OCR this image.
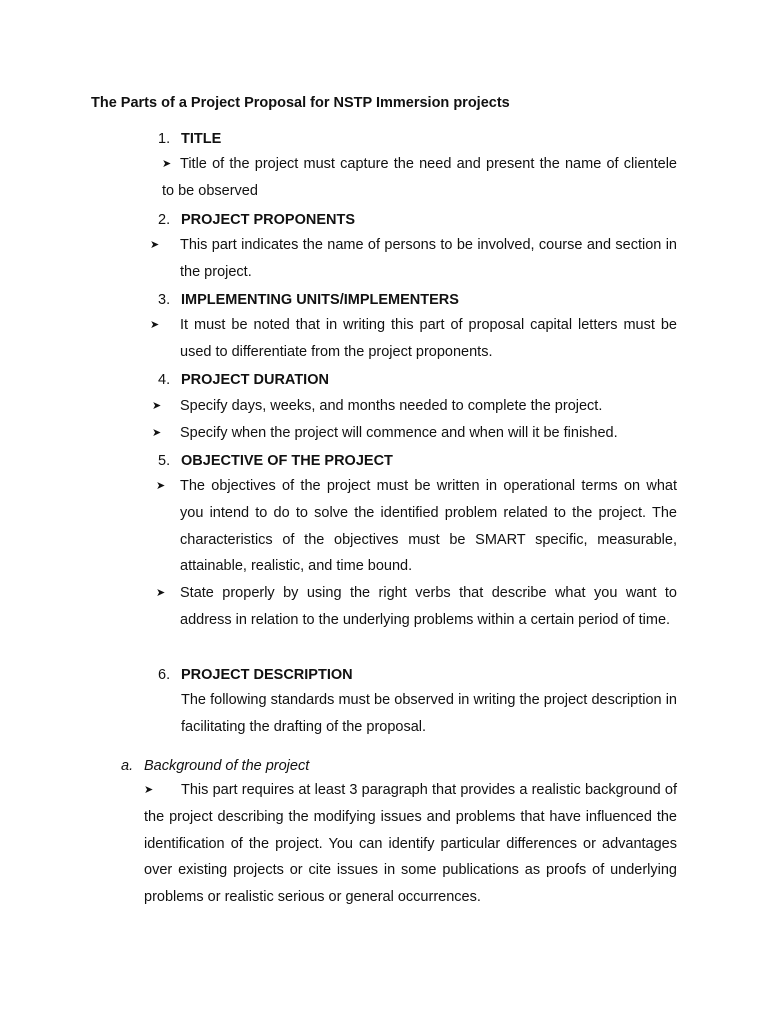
The Parts of a Project Proposal for NSTP Immersion projects
1. TITLE
➤ Title of the project must capture the need and present the name of clientele to be observed
2. PROJECT PROPONENTS
➤ This part indicates the name of persons to be involved, course and section in the project.
3. IMPLEMENTING UNITS/IMPLEMENTERS
➤ It must be noted that in writing this part of proposal capital letters must be used to differentiate from the project proponents.
4. PROJECT DURATION
➤ Specify days, weeks, and months needed to complete the project.
➤ Specify when the project will commence and when will it be finished.
5. OBJECTIVE OF THE PROJECT
➤ The objectives of the project must be written in operational terms on what you intend to do to solve the identified problem related to the project. The characteristics of the objectives must be SMART specific, measurable, attainable, realistic, and time bound.
➤ State properly by using the right verbs that describe what you want to address in relation to the underlying problems within a certain period of time.
6. PROJECT DESCRIPTION
The following standards must be observed in writing the project description in facilitating the drafting of the proposal.
a. Background of the project
➤	This part requires at least 3 paragraph that provides a realistic background of the project describing the modifying issues and problems that have influenced the identification of the project. You can identify particular differences or advantages over existing projects or cite issues in some publications as proofs of underlying problems or realistic serious or general occurrences.
